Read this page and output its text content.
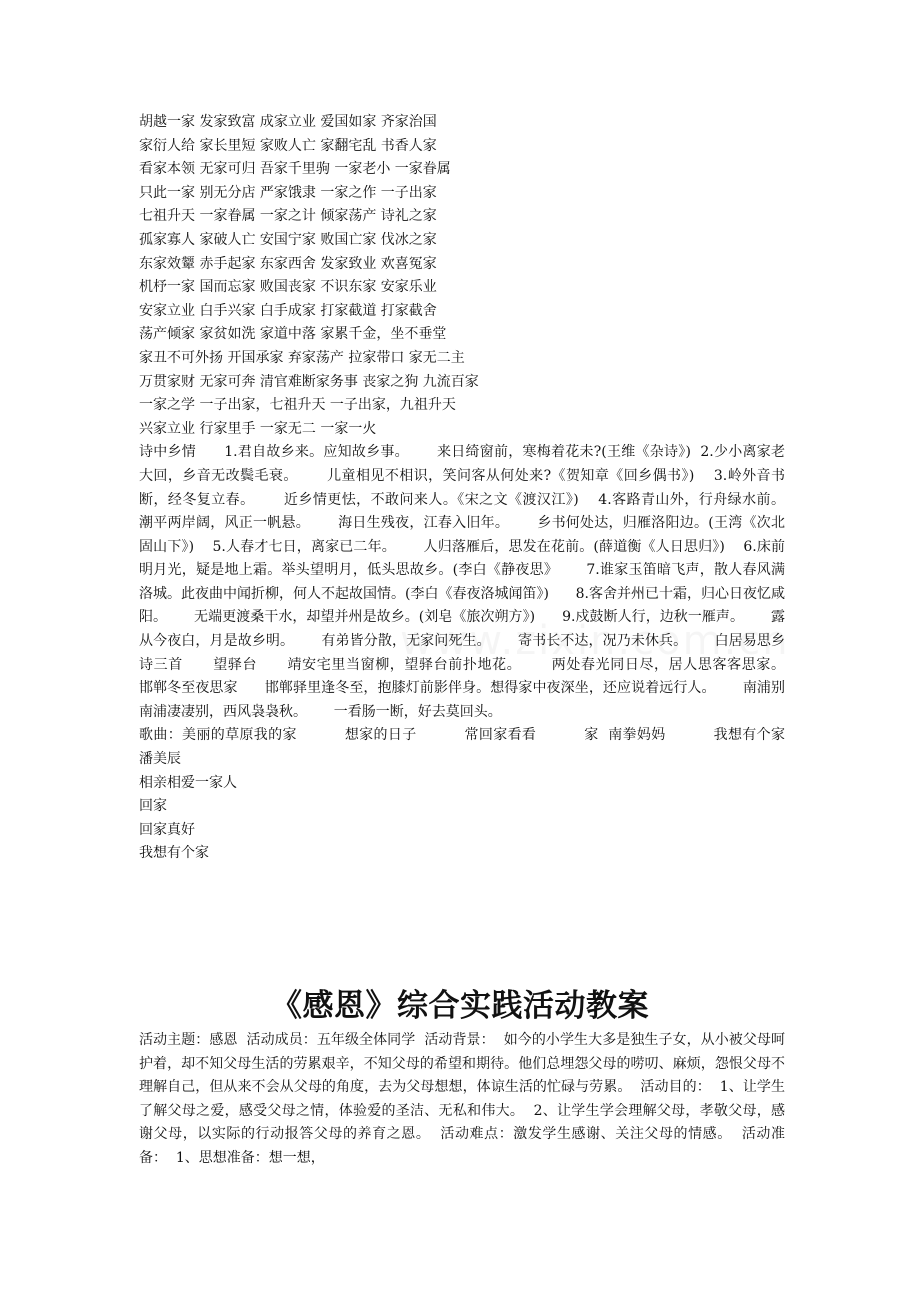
胡越一家 发家致富 成家立业 爱国如家 齐家治国
家衍人给 家长里短 家败人亡 家翻宅乱 书香人家
看家本领 无家可归 吾家千里驹 一家老小 一家眷属
只此一家 别无分店 严家饿隶 一家之作 一子出家
七祖升天 一家眷属 一家之计 倾家荡产 诗礼之家
孤家寡人 家破人亡 安国宁家 败国亡家 伐冰之家
东家效颦 赤手起家 东家西舍 发家致业 欢喜冤家
机杼一家 国而忘家 败国丧家 不识东家 安家乐业
安家立业 白手兴家 白手成家 打家截道 打家截舍
荡产倾家 家贫如洗 家道中落 家累千金，坐不垂堂
家丑不可外扬 开国承家 弃家荡产 拉家带口 家无二主
万贯家财 无家可奔 清官难断家务事 丧家之狗 九流百家
一家之学 一子出家，七祖升天 一子出家，九祖升天
兴家立业 行家里手 一家无二 一家一火
诗中乡情      1.君自故乡来。应知故乡事。      来日绮窗前，寒梅着花未?(王维《杂诗》)  2.少小离家老大回，乡音无改鬓毛衰。      儿童相见不相识，笑问客从何处来?《贺知章《回乡偶书》)    3.岭外音书断，经冬复立春。      近乡情更怯，不敢问来人。《宋之文《渡汉江》)    4.客路青山外，行舟绿水前。      潮平两岸阔，风正一帆悬。      海日生残夜，江春入旧年。      乡书何处达，归雁洛阳边。(王湾《次北固山下》)    5.人春才七日，离家已二年。      人归落雁后，思发在花前。(薛道衡《人日思归》)    6.床前明月光，疑是地上霜。举头望明月，低头思故乡。(李白《静夜思》      7.谁家玉笛暗飞声，散人春风满洛城。此夜曲中闻折柳，何人不起故国情。(李白《春夜洛城闻笛》)      8.客舍并州已十霜，归心日夜忆咸阳。      无端更渡桑干水，却望并州是故乡。(刘皂《旅次朔方》)      9.戍鼓断人行，边秋一雁声。      露从今夜白，月是故乡明。      有弟皆分散，无家问死生。      寄书长不达，况乃未休兵。      白居易思乡诗三首      望驿台      靖安宅里当窗柳，望驿台前扑地花。      两处春光同日尽，居人思客客思家。      邯郸冬至夜思家      邯郸驿里逢冬至，抱膝灯前影伴身。想得家中夜深坐，还应说着远行人。      南浦别      南浦凄凄别，西风袅袅秋。      一看肠一断，好去莫回头。
歌曲：美丽的草原我的家          想家的日子          常回家看看          家  南拳妈妈          我想有个家    潘美辰
相亲相爱一家人
回家
回家真好
我想有个家
《感恩》综合实践活动教案
活动主题：感恩  活动成员：五年级全体同学  活动背景：  如今的小学生大多是独生子女，从小被父母呵护着，却不知父母生活的劳累艰辛，不知父母的希望和期待。他们总埋怨父母的唠叨、麻烦，怨恨父母不理解自己，但从来不会从父母的角度，去为父母想想，体谅生活的忙碌与劳累。  活动目的：  1、让学生了解父母之爱，感受父母之情，体验爱的圣洁、无私和伟大。  2、让学生学会理解父母，孝敬父母，感谢父母，以实际的行动报答父母的养育之恩。  活动难点：激发学生感谢、关注父母的情感。  活动准备：  1、思想准备：想一想，
